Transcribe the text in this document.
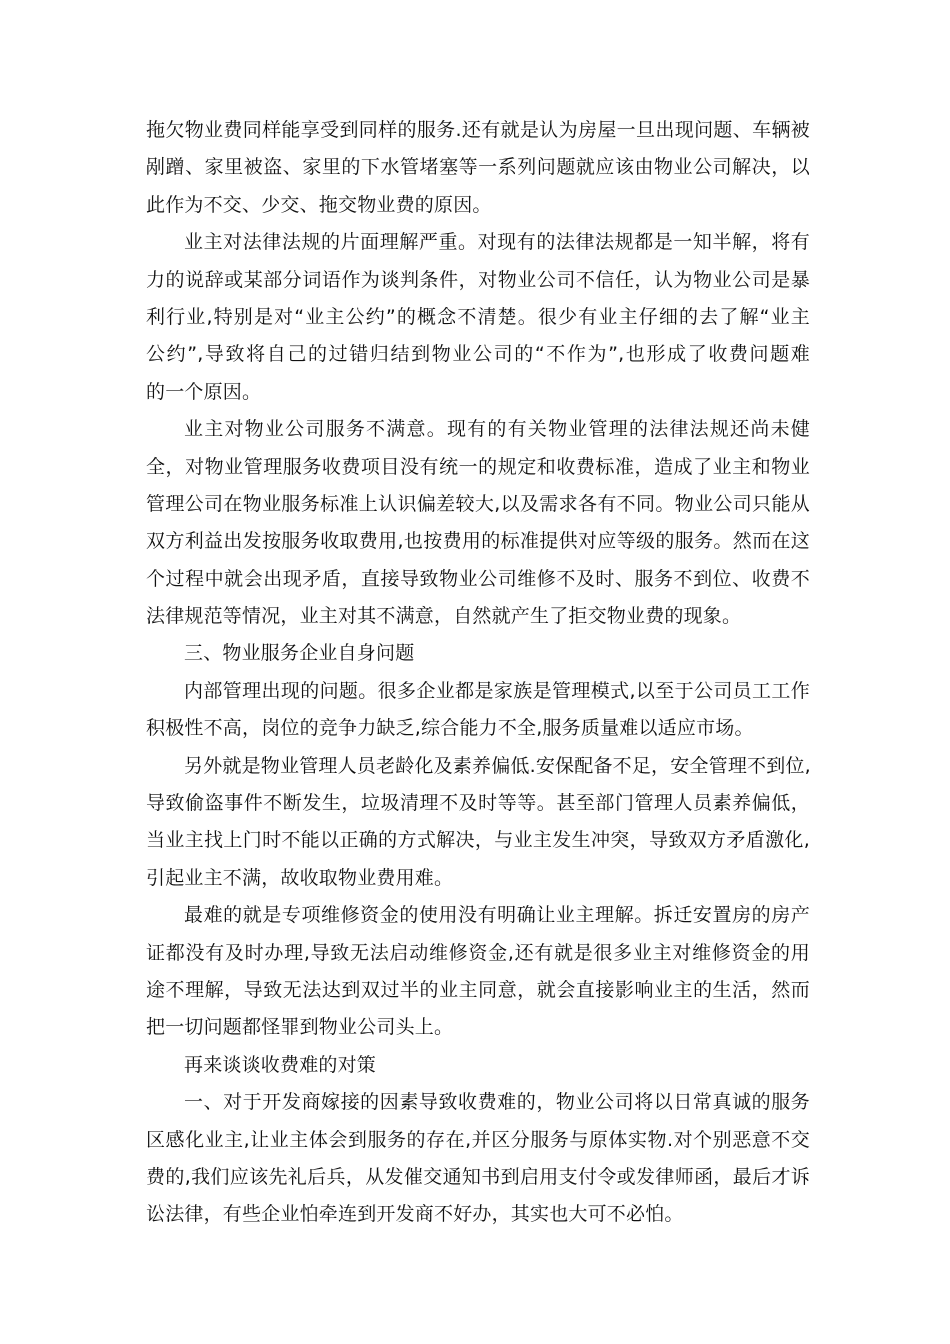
拖欠物业费同样能享受到同样的服务.还有就是认为房屋一旦出现问题、车辆被
剐蹭、家里被盗、家里的下水管堵塞等一系列问题就应该由物业公司解决，以
此作为不交、少交、拖交物业费的原因。
业主对法律法规的片面理解严重。对现有的法律法规都是一知半解，将有
力的说辞或某部分词语作为谈判条件，对物业公司不信任，认为物业公司是暴
利行业,特别是对“业主公约”的概念不清楚。很少有业主仔细的去了解“业主
公约”,导致将自己的过错归结到物业公司的“不作为”,也形成了收费问题难
的一个原因。
业主对物业公司服务不满意。现有的有关物业管理的法律法规还尚未健
全，对物业管理服务收费项目没有统一的规定和收费标准，造成了业主和物业
管理公司在物业服务标准上认识偏差较大,以及需求各有不同。物业公司只能从
双方利益出发按服务收取费用,也按费用的标准提供对应等级的服务。然而在这
个过程中就会出现矛盾，直接导致物业公司维修不及时、服务不到位、收费不
法律规范等情况，业主对其不满意，自然就产生了拒交物业费的现象。
三、物业服务企业自身问题
内部管理出现的问题。很多企业都是家族是管理模式,以至于公司员工工作
积极性不高，岗位的竞争力缺乏,综合能力不全,服务质量难以适应市场。
另外就是物业管理人员老龄化及素养偏低.安保配备不足，安全管理不到位,
导致偷盗事件不断发生，垃圾清理不及时等等。甚至部门管理人员素养偏低，
当业主找上门时不能以正确的方式解决，与业主发生冲突，导致双方矛盾激化,
引起业主不满，故收取物业费用难。
最难的就是专项维修资金的使用没有明确让业主理解。拆迁安置房的房产
证都没有及时办理,导致无法启动维修资金,还有就是很多业主对维修资金的用
途不理解，导致无法达到双过半的业主同意，就会直接影响业主的生活，然而
把一切问题都怪罪到物业公司头上。
再来谈谈收费难的对策
一、对于开发商嫁接的因素导致收费难的，物业公司将以日常真诚的服务
区感化业主,让业主体会到服务的存在,并区分服务与原体实物.对个别恶意不交
费的,我们应该先礼后兵，从发催交通知书到启用支付令或发律师函，最后才诉
讼法律，有些企业怕牵连到开发商不好办，其实也大可不必怕。
